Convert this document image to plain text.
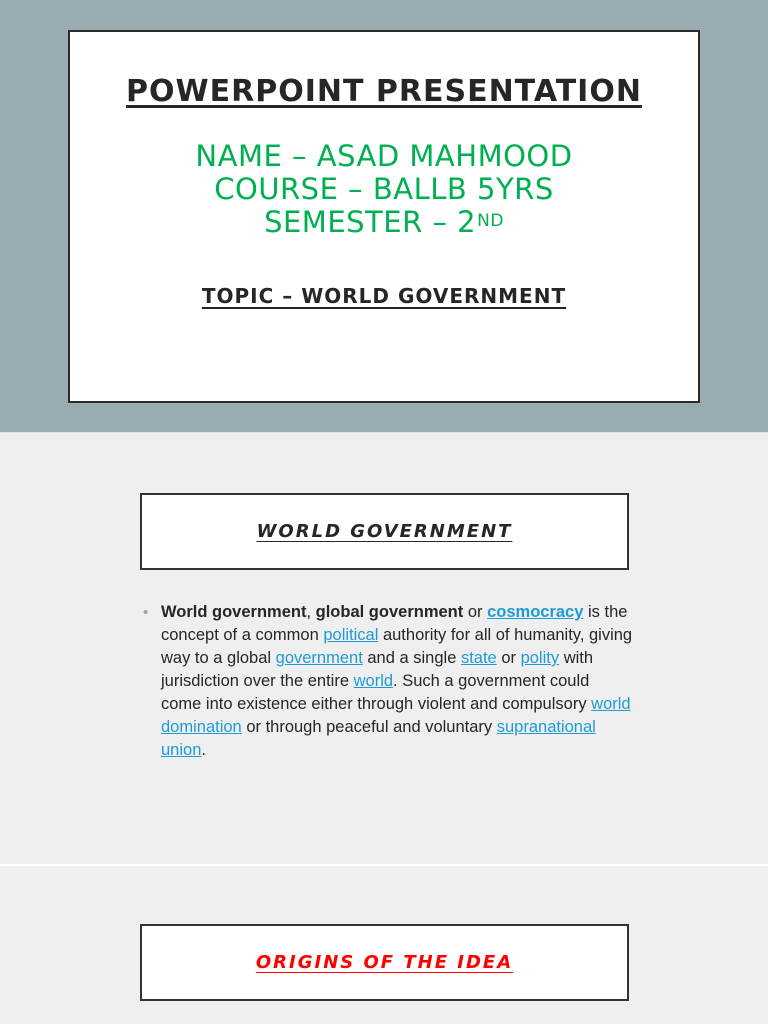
POWERPOINT PRESENTATION
NAME – ASAD MAHMOOD
COURSE – BALLB 5YRS
SEMESTER – 2ND
TOPIC – WORLD GOVERNMENT
WORLD GOVERNMENT
• World government, global government or cosmocracy is the concept of a common political authority for all of humanity, giving way to a global government and a single state or polity with jurisdiction over the entire world. Such a government could come into existence either through violent and compulsory world domination or through peaceful and voluntary supranational union.
ORIGINS OF THE IDEA
